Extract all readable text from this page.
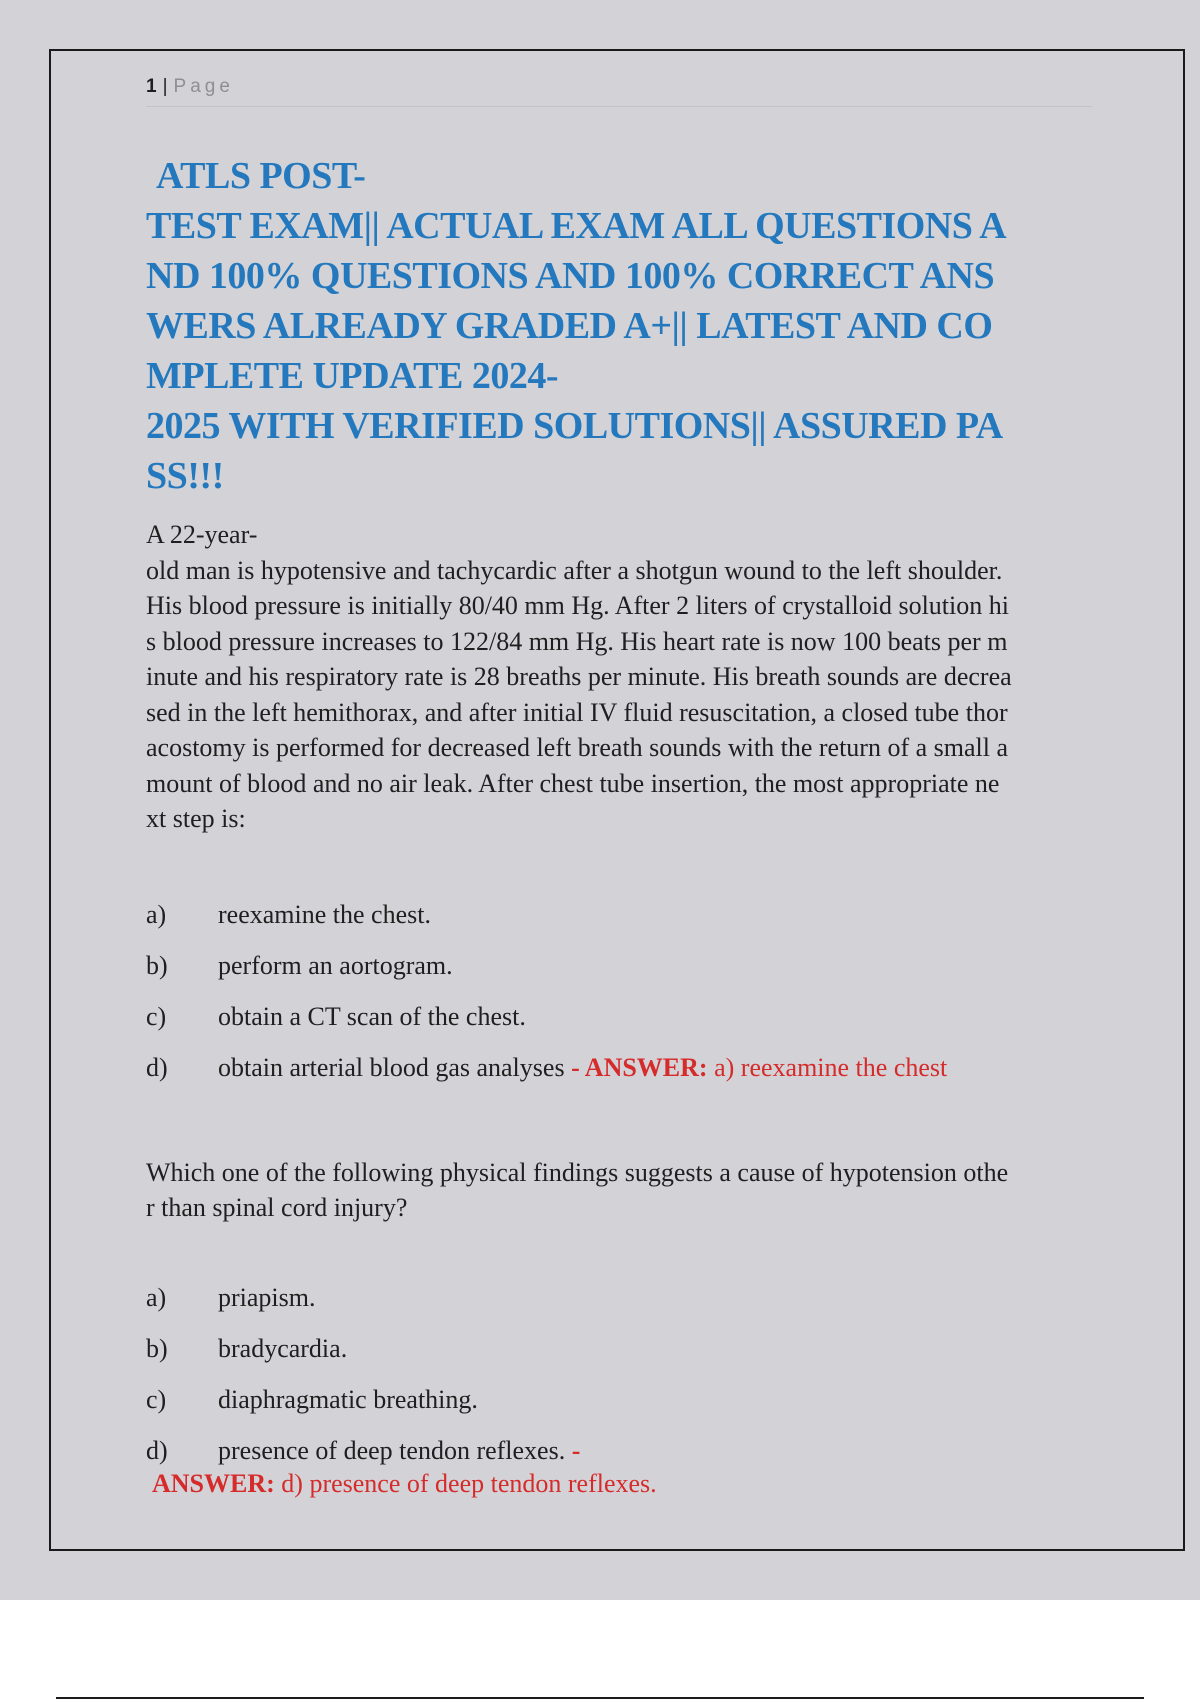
1 | Page
ATLS POST-
TEST EXAM|| ACTUAL EXAM ALL QUESTIONS A
ND 100% QUESTIONS AND 100% CORRECT ANS
WERS ALREADY GRADED A+|| LATEST AND CO
MPLETE UPDATE 2024-
2025 WITH VERIFIED SOLUTIONS|| ASSURED PA
SS!!!
A 22-year-
old man is hypotensive and tachycardic after a shotgun wound to the left shoulder.
His blood pressure is initially 80/40 mm Hg. After 2 liters of crystalloid solution hi
s blood pressure increases to 122/84 mm Hg. His heart rate is now 100 beats per m
inute and his respiratory rate is 28 breaths per minute. His breath sounds are decrea
sed in the left hemithorax, and after initial IV fluid resuscitation, a closed tube thor
acostomy is performed for decreased left breath sounds with the return of a small a
mount of blood and no air leak. After chest tube insertion, the most appropriate ne
xt step is:
a)	reexamine the chest.
b)	perform an aortogram.
c)	obtain a CT scan of the chest.
d)	obtain arterial blood gas analyses - ANSWER: a) reexamine the chest
Which one of the following physical findings suggests a cause of hypotension othe
r than spinal cord injury?
a)	priapism.
b)	bradycardia.
c)	diaphragmatic breathing.
d)	presence of deep tendon reflexes. -
ANSWER: d) presence of deep tendon reflexes.
